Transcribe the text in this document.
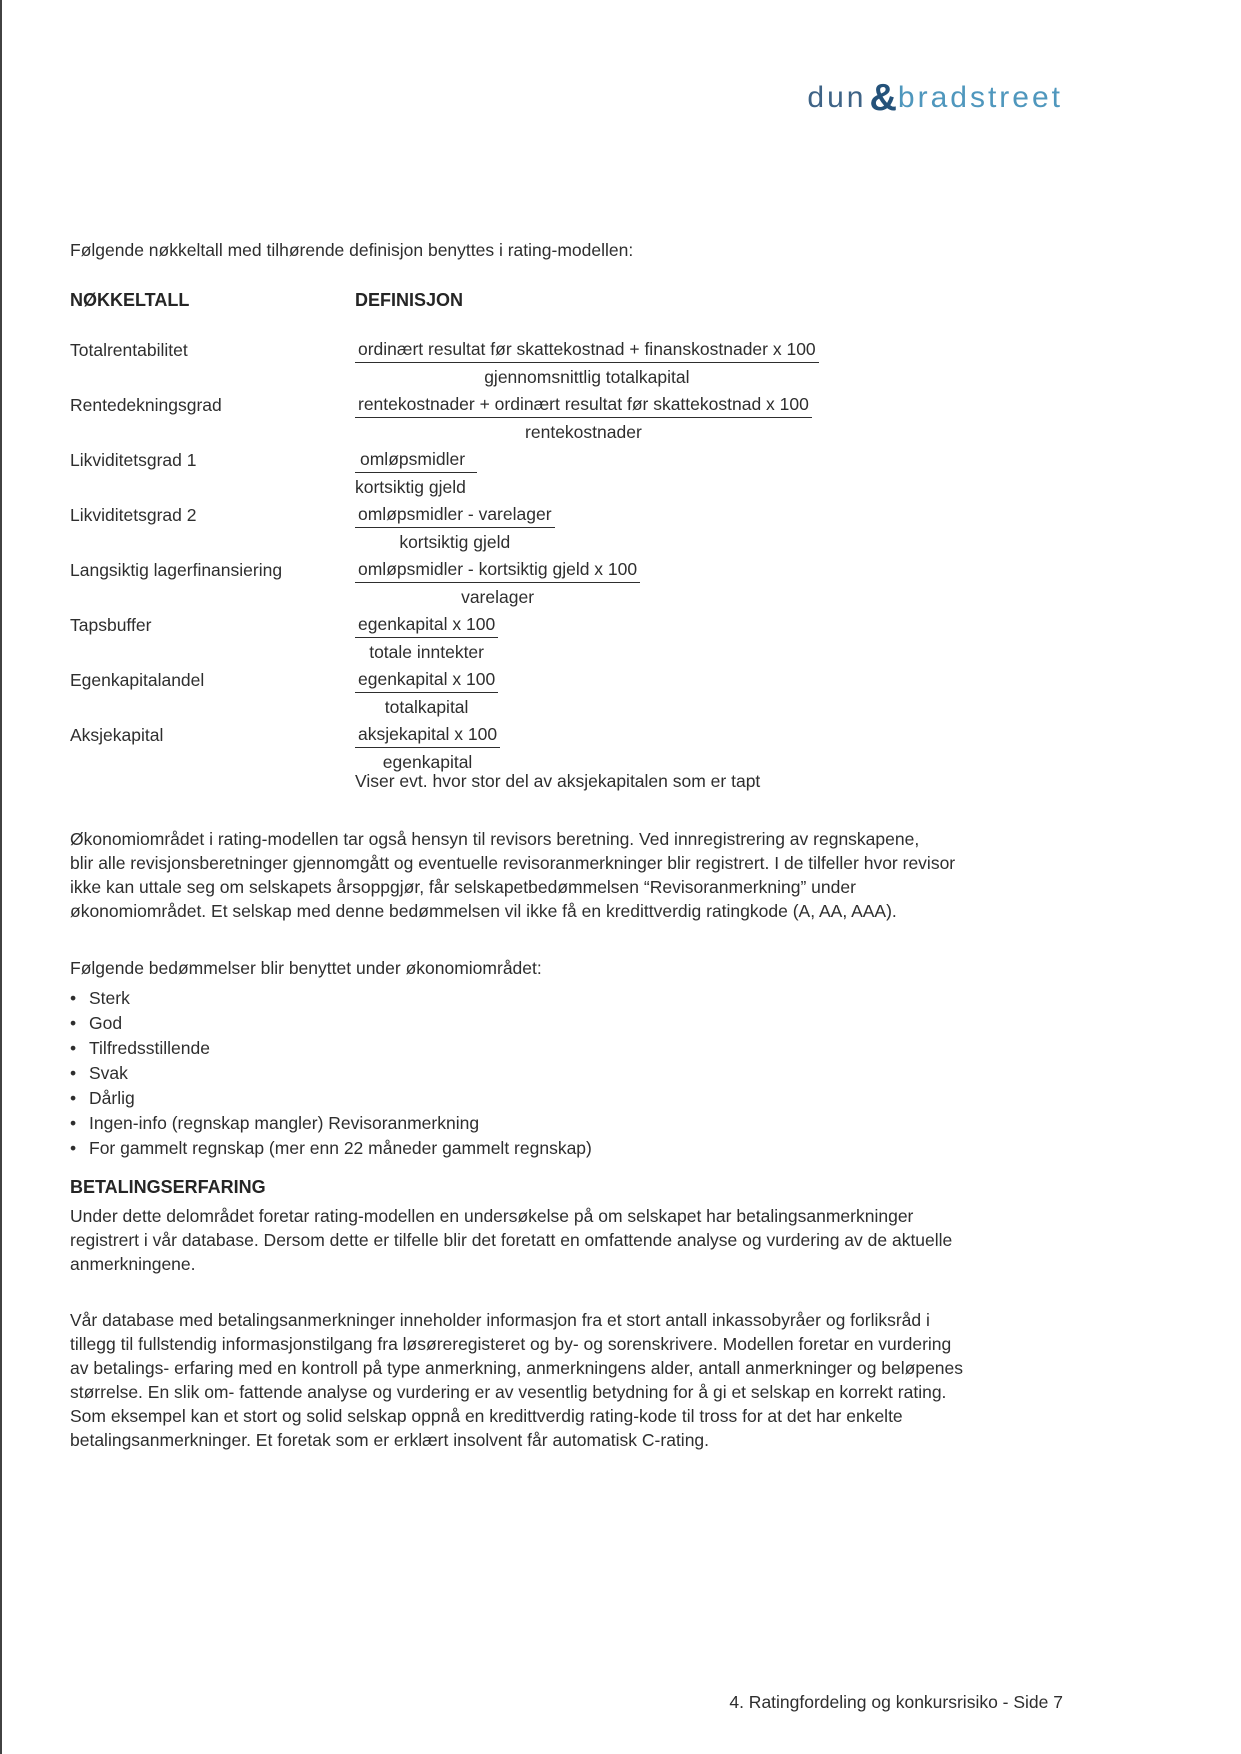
dun&bradstreet
Følgende nøkkeltall med tilhørende definisjon benyttes i rating-modellen:
NØKKELTALL	DEFINISJON
Totalrentabilitet	$\frac{\text{ordinært resultat før skattekostnad + finanskostnader x 100}}{\text{gjennomsnittlig totalkapital}}$
Rentedekningsgrad	$\frac{\text{rentekostnader + ordinært resultat før skattekostnad x 100}}{\text{rentekostnader}}$
Likviditetsgrad 1	$\frac{\text{omløpsmidler}}{\text{kortsiktig gjeld}}$
Likviditetsgrad 2	$\frac{\text{omløpsmidler - varelager}}{\text{kortsiktig gjeld}}$
Langsiktig lagerfinansiering	$\frac{\text{omløpsmidler - kortsiktig gjeld x 100}}{\text{varelager}}$
Tapsbuffer	$\frac{\text{egenkapital x 100}}{\text{totale inntekter}}$
Egenkapitalandel	$\frac{\text{egenkapital x 100}}{\text{totalkapital}}$
Aksjekapital	$\frac{\text{aksjekapital x 100}}{\text{egenkapital}}$
Viser evt. hvor stor del av aksjekapitalen som er tapt
Økonomiområdet i rating-modellen tar også hensyn til revisors beretning. Ved innregistrering av regnskapene,
blir alle revisjonsberetninger gjennomgått og eventuelle revisoranmerkninger blir registrert. I de tilfeller hvor revisor
ikke kan uttale seg om selskapets årsoppgjør, får selskapetbedømmelsen “Revisoranmerkning” under
økonomiområdet. Et selskap med denne bedømmelsen vil ikke få en kredittverdig ratingkode (A, AA, AAA).
Følgende bedømmelser blir benyttet under økonomiområdet:
• Sterk
• God
• Tilfredsstillende
• Svak
• Dårlig
• Ingen-info (regnskap mangler) Revisoranmerkning
• For gammelt regnskap (mer enn 22 måneder gammelt regnskap)
BETALINGSERFARING
Under dette delområdet foretar rating-modellen en undersøkelse på om selskapet har betalingsanmerkninger
registrert i vår database. Dersom dette er tilfelle blir det foretatt en omfattende analyse og vurdering av de aktuelle
anmerkningene.
Vår database med betalingsanmerkninger inneholder informasjon fra et stort antall inkassobyråer og forliksråd i
tillegg til fullstendig informasjonstilgang fra løsøreregisteret og by- og sorenskrivere. Modellen foretar en vurdering
av betalings- erfaring med en kontroll på type anmerkning, anmerkningens alder, antall anmerkninger og beløpenes
størrelse. En slik om- fattende analyse og vurdering er av vesentlig betydning for å gi et selskap en korrekt rating.
Som eksempel kan et stort og solid selskap oppnå en kredittverdig rating-kode til tross for at det har enkelte
betalingsanmerkninger. Et foretak som er erklært insolvent får automatisk C-rating.
4. Ratingfordeling og konkursrisiko - Side 7
